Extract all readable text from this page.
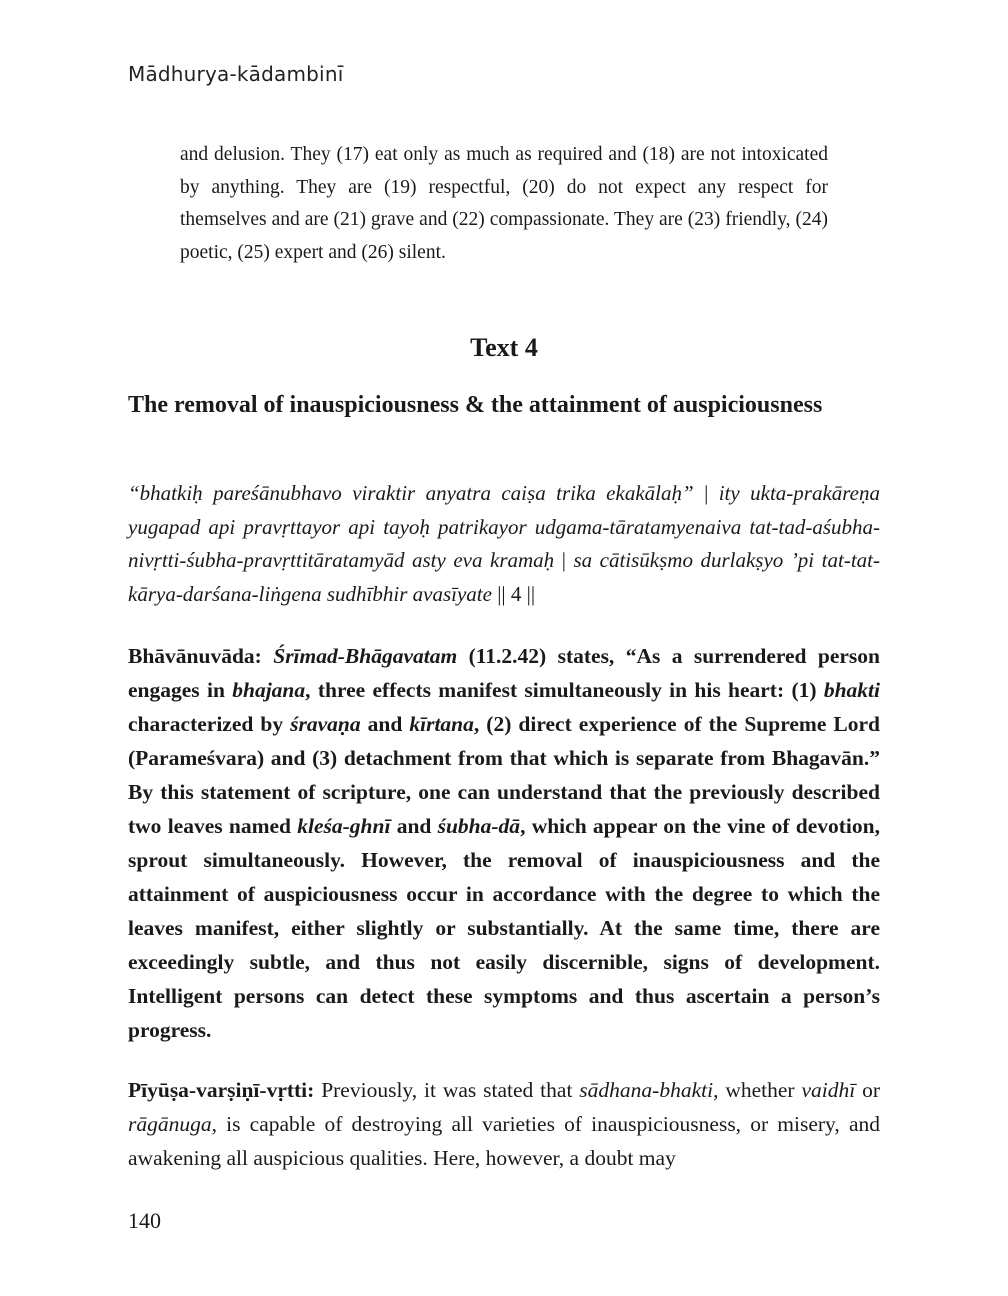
Mādhurya-kādambinī
and delusion. They (17) eat only as much as required and (18) are not intoxicated by anything. They are (19) respectful, (20) do not expect any respect for themselves and are (21) grave and (22) compassionate. They are (23) friendly, (24) poetic, (25) expert and (26) silent.
Text 4
The removal of inauspiciousness & the attainment of auspiciousness
“bhatkiḥ pareśānubhavo viraktir anyatra caiṣa trika ekakālaḥ” | ity ukta-prakāreṇa yugapad api pravṛttayor api tayoḥ patrikayor udgama-tāratamyenaiva tat-tad-aśubha-nivṛtti-śubha-pravṛttitāratamyād asty eva kramaḥ | sa cātisūkṣmo durlakṣyo ’pi tat-tat-kārya-darśana-liṅgena sudhībhir avasīyate || 4 ||
Bhāvānuvāda: Śrīmad-Bhāgavatam (11.2.42) states, “As a surrendered person engages in bhajana, three effects manifest simultaneously in his heart: (1) bhakti characterized by śravaṇa and kīrtana, (2) direct experience of the Supreme Lord (Parameśvara) and (3) detachment from that which is separate from Bhagavān.” By this statement of scripture, one can understand that the previously described two leaves named kleśa-ghnī and śubha-dā, which appear on the vine of devotion, sprout simultaneously. However, the removal of inauspiciousness and the attainment of auspiciousness occur in accordance with the degree to which the leaves manifest, either slightly or substantially. At the same time, there are exceedingly subtle, and thus not easily discernible, signs of development. Intelligent persons can detect these symptoms and thus ascertain a person’s progress.
Pīyūṣa-varṣiṇī-vṛtti: Previously, it was stated that sādhana-bhakti, whether vaidhī or rāgānuga, is capable of destroying all varieties of inauspiciousness, or misery, and awakening all auspicious qualities. Here, however, a doubt may
140
